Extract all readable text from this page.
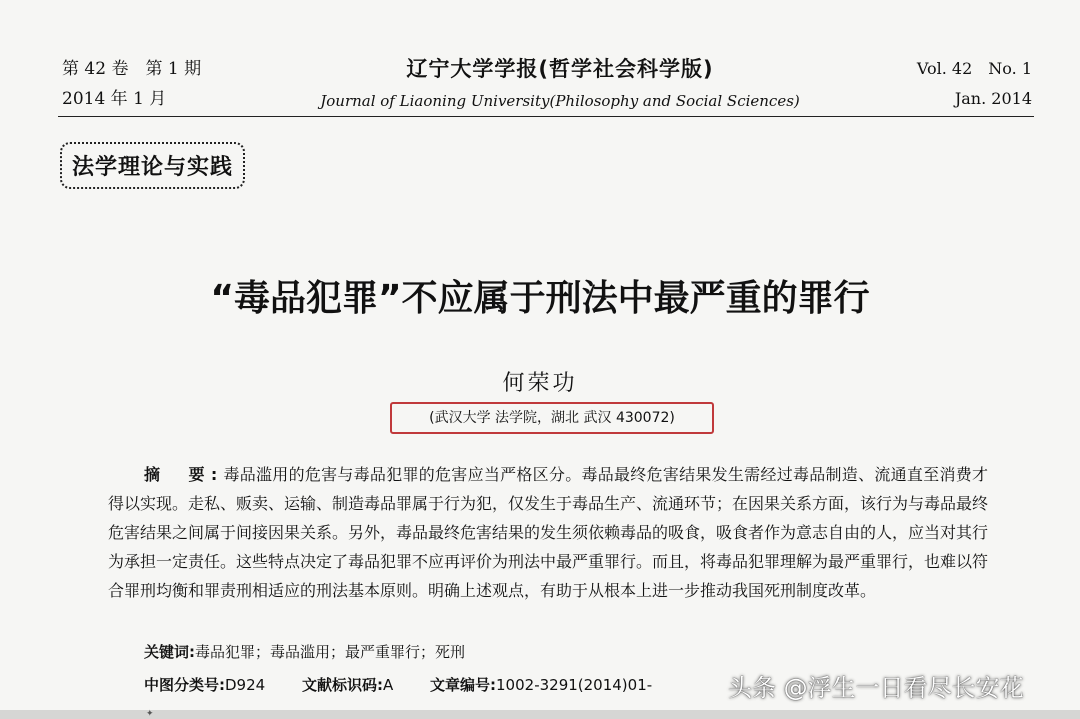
第 42 卷　第 1 期
2014 年 1 月
辽宁大学学报(哲学社会科学版)
Journal of Liaoning University(Philosophy and Social Sciences)
Vol. 42　No. 1
Jan. 2014
法学理论与实践
“毒品犯罪”不应属于刑法中最严重的罪行
何荣功
(武汉大学 法学院，湖北 武汉 430072)
摘　要:毒品滥用的危害与毒品犯罪的危害应当严格区分。毒品最终危害结果发生需经过毒品制造、流通直至消费才得以实现。走私、贩卖、运输、制造毒品罪属于行为犯，仅发生于毒品生产、流通环节；在因果关系方面，该行为与毒品最终危害结果之间属于间接因果关系。另外，毒品最终危害结果的发生须依赖毒品的吸食，吸食者作为意志自由的人，应当对其行为承担一定责任。这些特点决定了毒品犯罪不应再评价为刑法中最严重罪行。而且，将毒品犯罪理解为最严重罪行，也难以符合罪刑均衡和罪责刑相适应的刑法基本原则。明确上述观点，有助于从根本上进一步推动我国死刑制度改革。
关键词:毒品犯罪；毒品滥用；最严重罪行；死刑
中图分类号:D924 文献标识码:A 文章编号:1002-3291(2014)01-	头条 @浮生一日看尽长安花
✦
